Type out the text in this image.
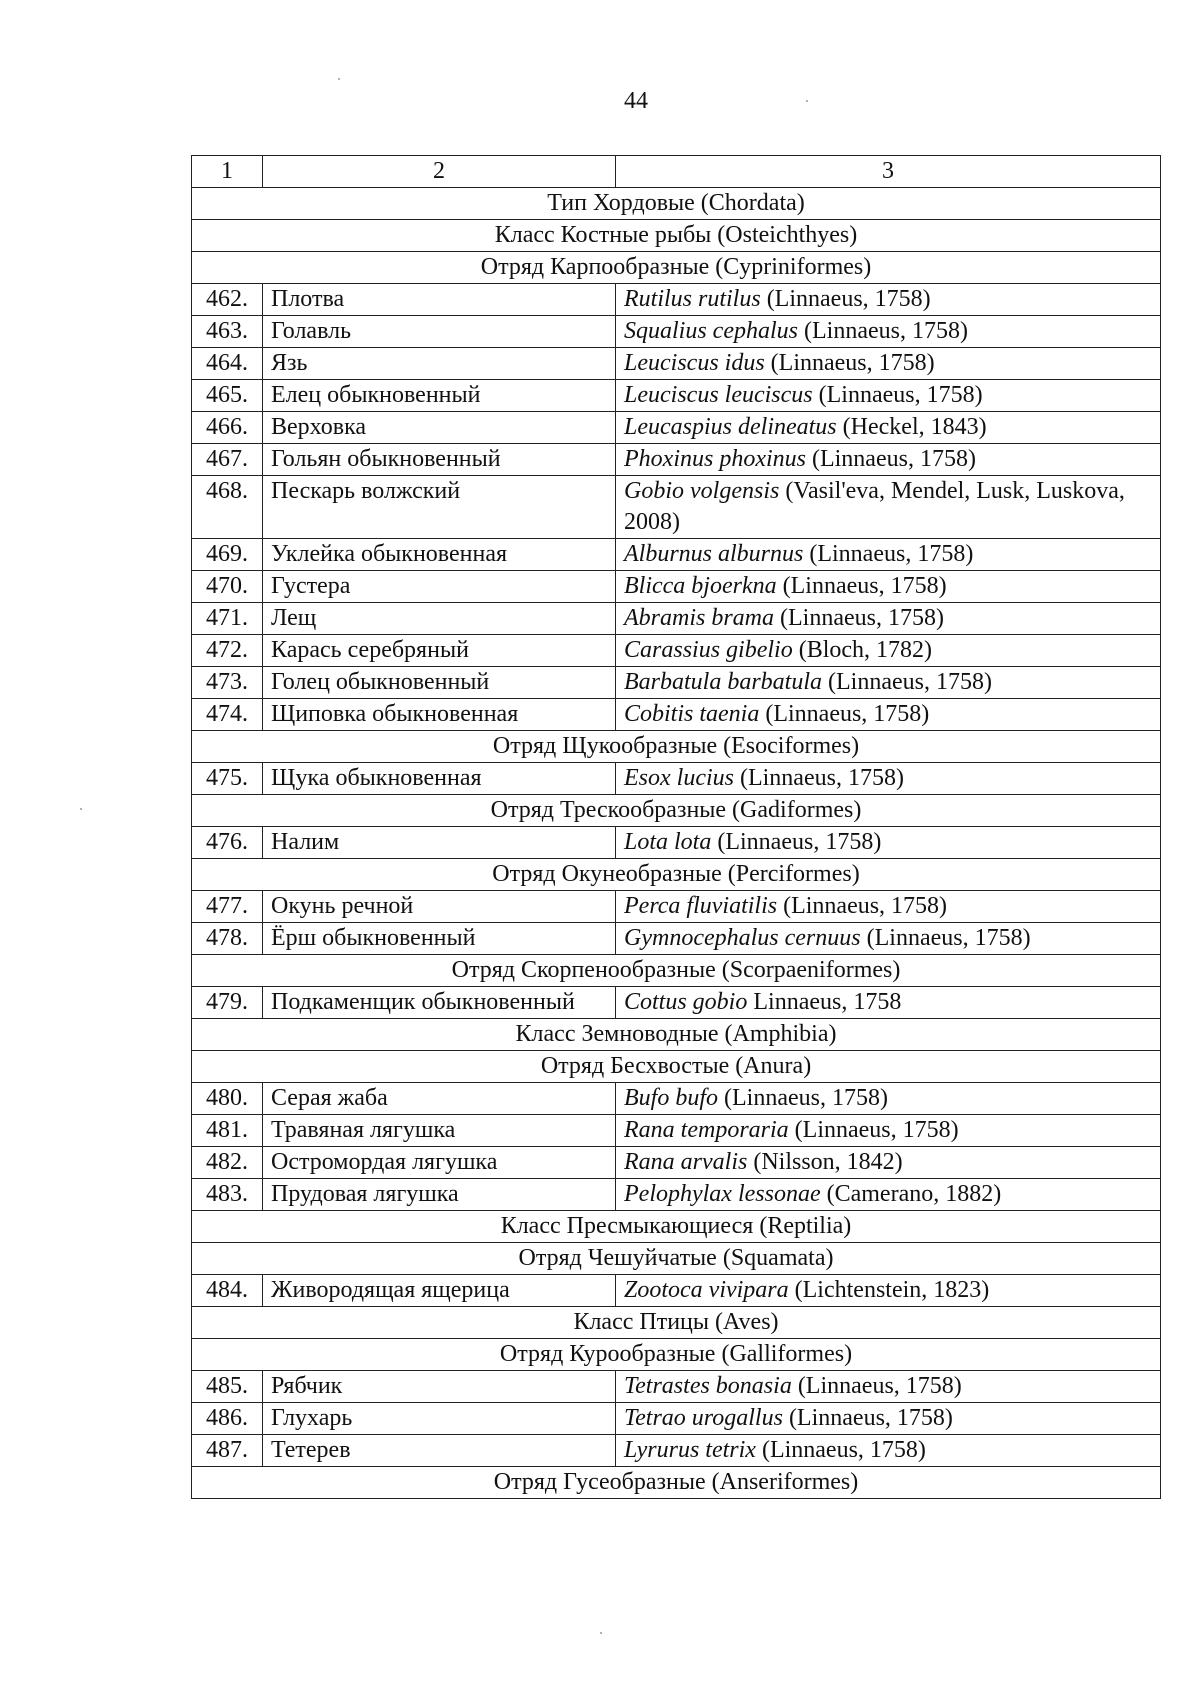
44
1	2	3
Тип Хордовые (Chordata)		
Класс Костные рыбы (Osteichthyes)		
Отряд Карпообразные (Cypriniformes)		
462.	Плотва	Rutilus rutilus (Linnaeus, 1758)
463.	Голавль	Squalius cephalus (Linnaeus, 1758)
464.	Язь	Leuciscus idus (Linnaeus, 1758)
465.	Елец обыкновенный	Leuciscus leuciscus (Linnaeus, 1758)
466.	Верховка	Leucaspius delineatus (Heckel, 1843)
467.	Гольян обыкновенный	Phoxinus phoxinus (Linnaeus, 1758)
468.	Пескарь волжский	Gobio volgensis (Vasil'eva, Mendel, Lusk, Luskova, 2008)
469.	Уклейка обыкновенная	Alburnus alburnus (Linnaeus, 1758)
470.	Густера	Blicca bjoerkna (Linnaeus, 1758)
471.	Лещ	Abramis brama (Linnaeus, 1758)
472.	Карась серебряный	Carassius gibelio (Bloch, 1782)
473.	Голец обыкновенный	Barbatula barbatula (Linnaeus, 1758)
474.	Щиповка обыкновенная	Cobitis taenia (Linnaeus, 1758)
Отряд Щукообразные (Esociformes)		
475.	Щука обыкновенная	Esox lucius (Linnaeus, 1758)
Отряд Трескообразные (Gadiformes)		
476.	Налим	Lota lota (Linnaeus, 1758)
Отряд Окунеобразные (Perciformes)		
477.	Окунь речной	Perca fluviatilis (Linnaeus, 1758)
478.	Ёрш обыкновенный	Gymnocephalus cernuus (Linnaeus, 1758)
Отряд Скорпенообразные (Scorpaeniformes)		
479.	Подкаменщик обыкновенный	Cottus gobio Linnaeus, 1758
Класс Земноводные (Amphibia)		
Отряд Бесхвостые (Anura)		
480.	Серая жаба	Bufo bufo (Linnaeus, 1758)
481.	Травяная лягушка	Rana temporaria (Linnaeus, 1758)
482.	Остромордая лягушка	Rana arvalis (Nilsson, 1842)
483.	Прудовая лягушка	Pelophylax lessonae (Camerano, 1882)
Класс Пресмыкающиеся (Reptilia)		
Отряд Чешуйчатые (Squamata)		
484.	Живородящая ящерица	Zootoca vivipara (Lichtenstein, 1823)
Класс Птицы (Aves)		
Отряд Курообразные (Galliformes)		
485.	Рябчик	Tetrastes bonasia (Linnaeus, 1758)
486.	Глухарь	Tetrao urogallus (Linnaeus, 1758)
487.	Тетерев	Lyrurus tetrix (Linnaeus, 1758)
Отряд Гусеобразные (Anseriformes)		
